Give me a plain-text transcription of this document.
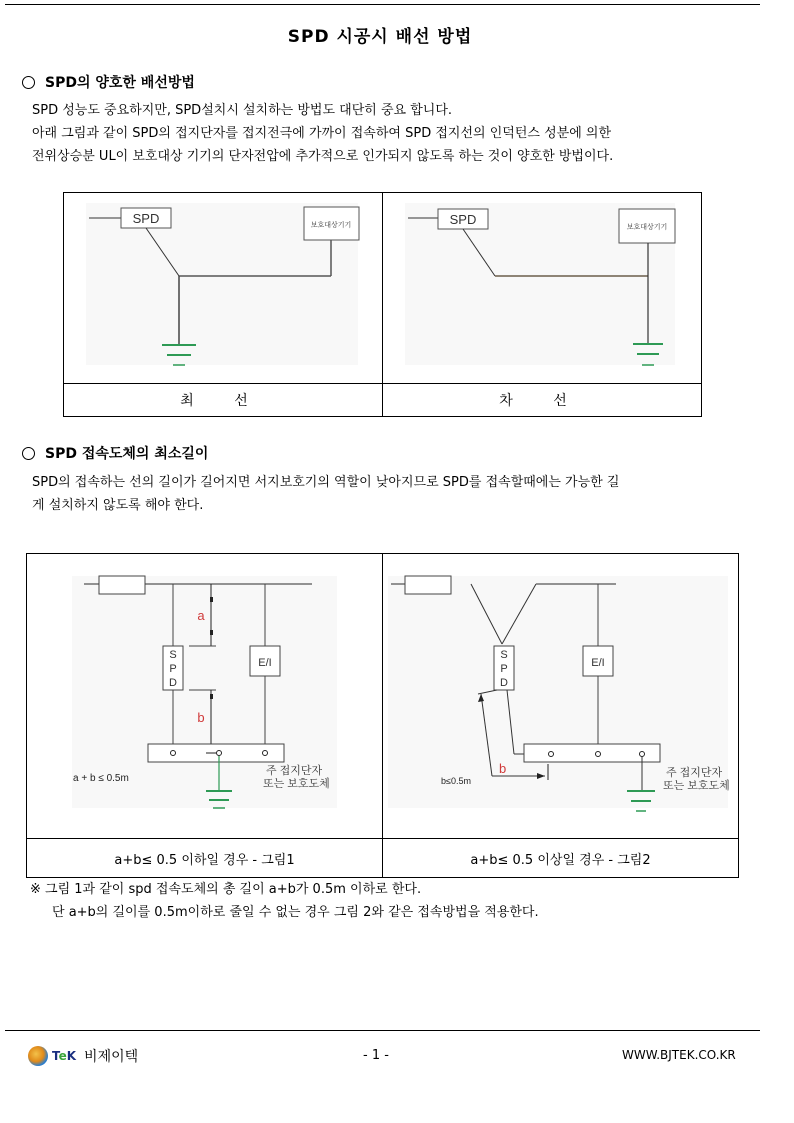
SPD 시공시 배선 방법
SPD의 양호한 배선방법
SPD 성능도 중요하지만, SPD설치시 설치하는 방법도 대단히 중요 합니다.
아래 그림과 같이 SPD의 접지단자를 접지전극에 가까이 접속하여 SPD 접지선의 인덕턴스 성분에 의한
전위상승분 UL이 보호대상 기기의 단자전압에 추가적으로 인가되지 않도록 하는 것이 양호한 방법이다.
SPD 보호대상기기	SPD
보호대상기기

최 선	차 선
SPD 접속도체의 최소길이
SPD의 접속하는 선의 길이가 길어지면 서지보호기의 역할이 낮아지므로 SPD를 접속할때에는 가능한 길
게 설치하지 않도록 해야 한다.
S
P
D
E/I
a
b
a + b ≤ 0.5m
주 접지단자
또는 보호도체

S
P
D
E/I
b
b≤0.5m
주 접지단자
또는 보호도체

a+b≤ 0.5 이하일 경우 - 그림1	a+b≤ 0.5 이상일 경우 - 그림2
※ 그림 1과 같이 spd 접속도체의 총 길이 a+b가 0.5m 이하로 한다.
단 a+b의 길이를 0.5m이하로 줄일 수 없는 경우 그림 2와 같은 접속방법을 적용한다.
TeK 비제이텍	- 1 -	WWW.BJTEK.CO.KR
